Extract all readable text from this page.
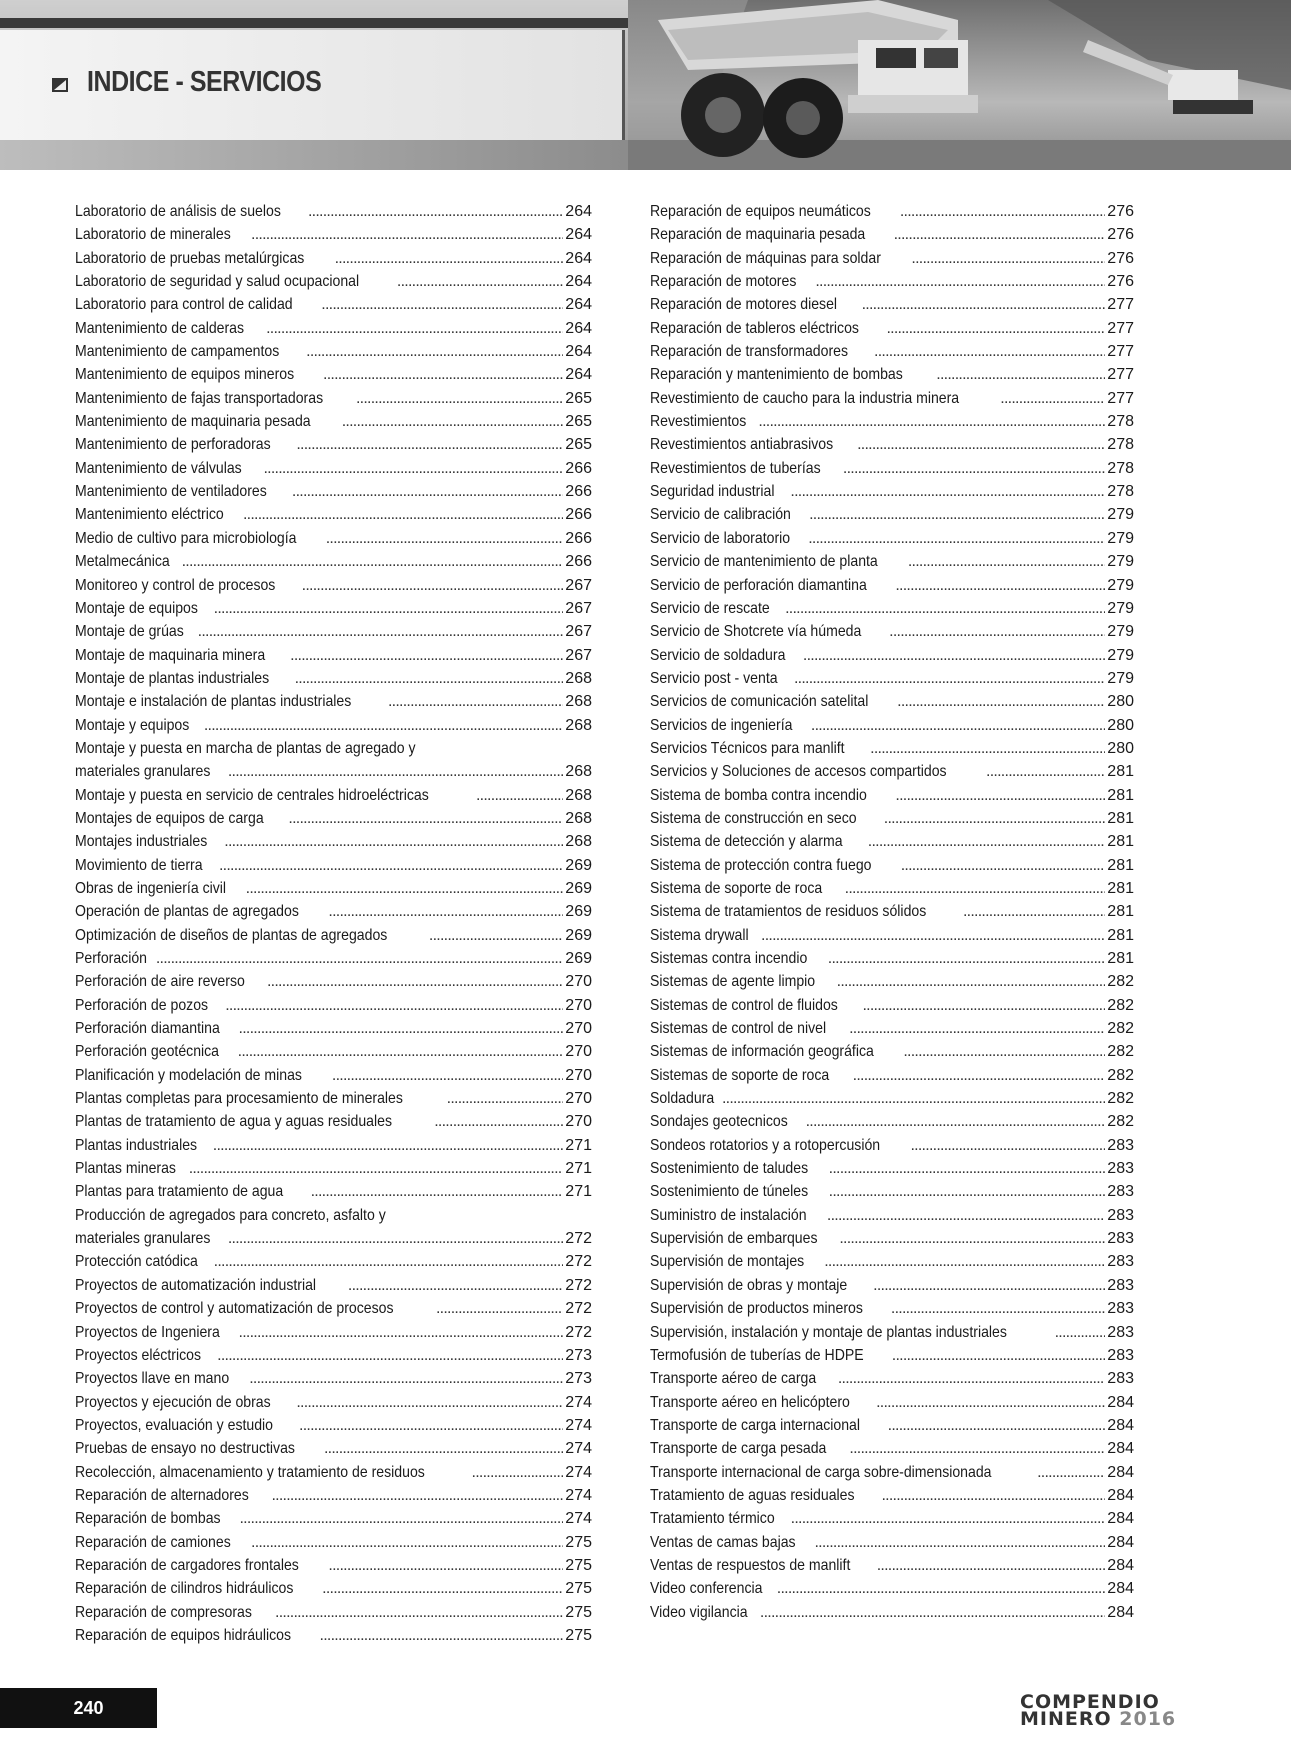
INDICE - SERVICIOS
Laboratorio de análisis de suelos . . .	264
Laboratorio de minerales . . .	264
Laboratorio de pruebas metalúrgicas . . .	264
Laboratorio de seguridad y salud ocupacional . . .	264
Laboratorio para control de calidad . . .	264
Mantenimiento de calderas . . .	264
Mantenimiento de campamentos . . .	264
Mantenimiento de equipos mineros . . .	264
Mantenimiento de fajas transportadoras . . .	265
Mantenimiento de maquinaria pesada . . .	265
Mantenimiento de perforadoras . . .	265
Mantenimiento de válvulas . . .	266
Mantenimiento de ventiladores . . .	266
Mantenimiento eléctrico . . .	266
Medio de cultivo para microbiología . . .	266
Metalmecánica . . .	266
Monitoreo y control de procesos . . .	267
Montaje de equipos . . .	267
Montaje de grúas . . .	267
Montaje de maquinaria minera . . .	267
Montaje de plantas industriales . . .	268
Montaje e instalación de plantas industriales . . .	268
Montaje y equipos . . .	268
Montaje y puesta en marcha de plantas de agregado y
materiales granulares . . .	268
Montaje y puesta en servicio de centrales hidroeléctricas . . .	268
Montajes de equipos de carga . . .	268
Montajes industriales . . .	268
Movimiento de tierra . . .	269
Obras de ingeniería civil . . .	269
Operación de plantas de agregados . . .	269
Optimización de diseños de plantas de agregados . . .	269
Perforación . . .	269
Perforación de aire reverso . . .	270
Perforación de pozos . . .	270
Perforación diamantina . . .	270
Perforación geotécnica . . .	270
Planificación y modelación de minas . . .	270
Plantas completas para procesamiento de minerales . . .	270
Plantas de tratamiento de agua y aguas residuales . . .	270
Plantas industriales . . .	271
Plantas mineras . . .	271
Plantas para tratamiento de agua . . .	271
Producción de agregados para concreto, asfalto y
materiales granulares . . .	272
Protección catódica . . .	272
Proyectos de automatización industrial . . .	272
Proyectos de control y automatización de procesos . . .	272
Proyectos de Ingeniera . . .	272
Proyectos eléctricos . . .	273
Proyectos llave en mano . . .	273
Proyectos y ejecución de obras . . .	274
Proyectos, evaluación y estudio . . .	274
Pruebas de ensayo no destructivas . . .	274
Recolección, almacenamiento y tratamiento de residuos . . .	274
Reparación de alternadores . . .	274
Reparación de bombas . . .	274
Reparación de camiones . . .	275
Reparación de cargadores frontales . . .	275
Reparación de cilindros hidráulicos . . .	275
Reparación de compresoras . . .	275
Reparación de equipos hidráulicos . . .	275
Reparación de equipos neumáticos . . .	276
Reparación de maquinaria pesada . . .	276
Reparación de máquinas para soldar . . .	276
Reparación de motores . . .	276
Reparación de motores diesel . . .	277
Reparación de tableros eléctricos . . .	277
Reparación de transformadores . . .	277
Reparación y mantenimiento de bombas . . .	277
Revestimiento de caucho para la industria minera . . .	277
Revestimientos . . .	278
Revestimientos antiabrasivos . . .	278
Revestimientos de tuberías . . .	278
Seguridad industrial . . .	278
Servicio de calibración . . .	279
Servicio de laboratorio . . .	279
Servicio de mantenimiento de planta . . .	279
Servicio de perforación diamantina . . .	279
Servicio de rescate . . .	279
Servicio de Shotcrete vía húmeda . . .	279
Servicio de soldadura . . .	279
Servicio post - venta . . .	279
Servicios de comunicación satelital . . .	280
Servicios de ingeniería . . .	280
Servicios Técnicos para manlift . . .	280
Servicios y Soluciones de accesos compartidos . . .	281
Sistema de bomba contra incendio . . .	281
Sistema de construcción en seco . . .	281
Sistema de detección y alarma . . .	281
Sistema de protección contra fuego . . .	281
Sistema de soporte de roca . . .	281
Sistema de tratamientos de residuos sólidos . . .	281
Sistema drywall . . .	281
Sistemas contra incendio . . .	281
Sistemas de agente limpio . . .	282
Sistemas de control de fluidos . . .	282
Sistemas de control de nivel . . .	282
Sistemas de información geográfica . . .	282
Sistemas de soporte de roca . . .	282
Soldadura . . .	282
Sondajes geotecnicos . . .	282
Sondeos rotatorios y a rotopercusión . . .	283
Sostenimiento de taludes . . .	283
Sostenimiento de túneles . . .	283
Suministro de instalación . . .	283
Supervisión de embarques . . .	283
Supervisión de montajes . . .	283
Supervisión de obras y montaje . . .	283
Supervisión de productos mineros . . .	283
Supervisión, instalación y montaje de plantas industriales . . .	283
Termofusión de tuberías de HDPE . . .	283
Transporte aéreo de carga . . .	283
Transporte aéreo en helicóptero . . .	284
Transporte de carga internacional . . .	284
Transporte de carga pesada . . .	284
Transporte internacional de carga sobre-dimensionada . . .	284
Tratamiento de aguas residuales . . .	284
Tratamiento térmico . . .	284
Ventas de camas bajas . . .	284
Ventas de respuestos de manlift . . .	284
Video conferencia . . .	284
Video vigilancia . . .	284
240	COMPENDIO
MINERO 2016
